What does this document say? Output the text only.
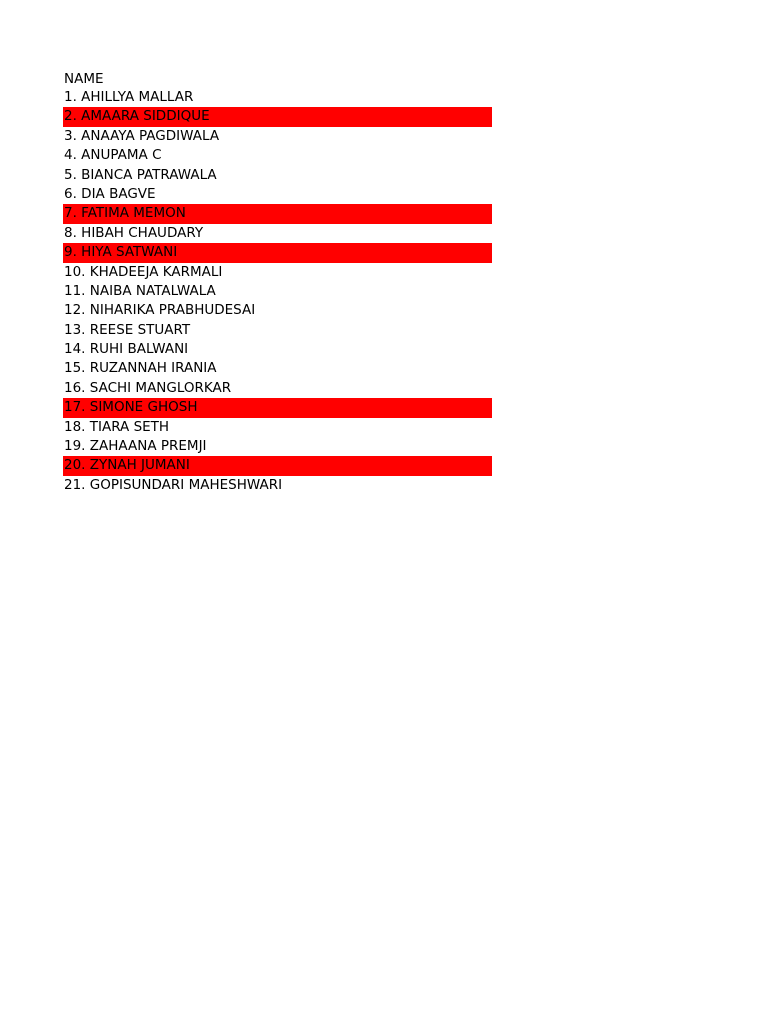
NAME
1. AHILLYA MALLAR
2. AMAARA SIDDIQUE
3. ANAAYA PAGDIWALA
4. ANUPAMA C
5. BIANCA PATRAWALA
6. DIA BAGVE
7. FATIMA MEMON
8. HIBAH CHAUDARY
9. HIYA SATWANI
10. KHADEEJA KARMALI
11. NAIBA NATALWALA
12. NIHARIKA PRABHUDESAI
13. REESE STUART
14. RUHI BALWANI
15. RUZANNAH IRANIA
16. SACHI MANGLORKAR
17. SIMONE GHOSH
18. TIARA SETH
19. ZAHAANA PREMJI
20. ZYNAH JUMANI
21. GOPISUNDARI MAHESHWARI
